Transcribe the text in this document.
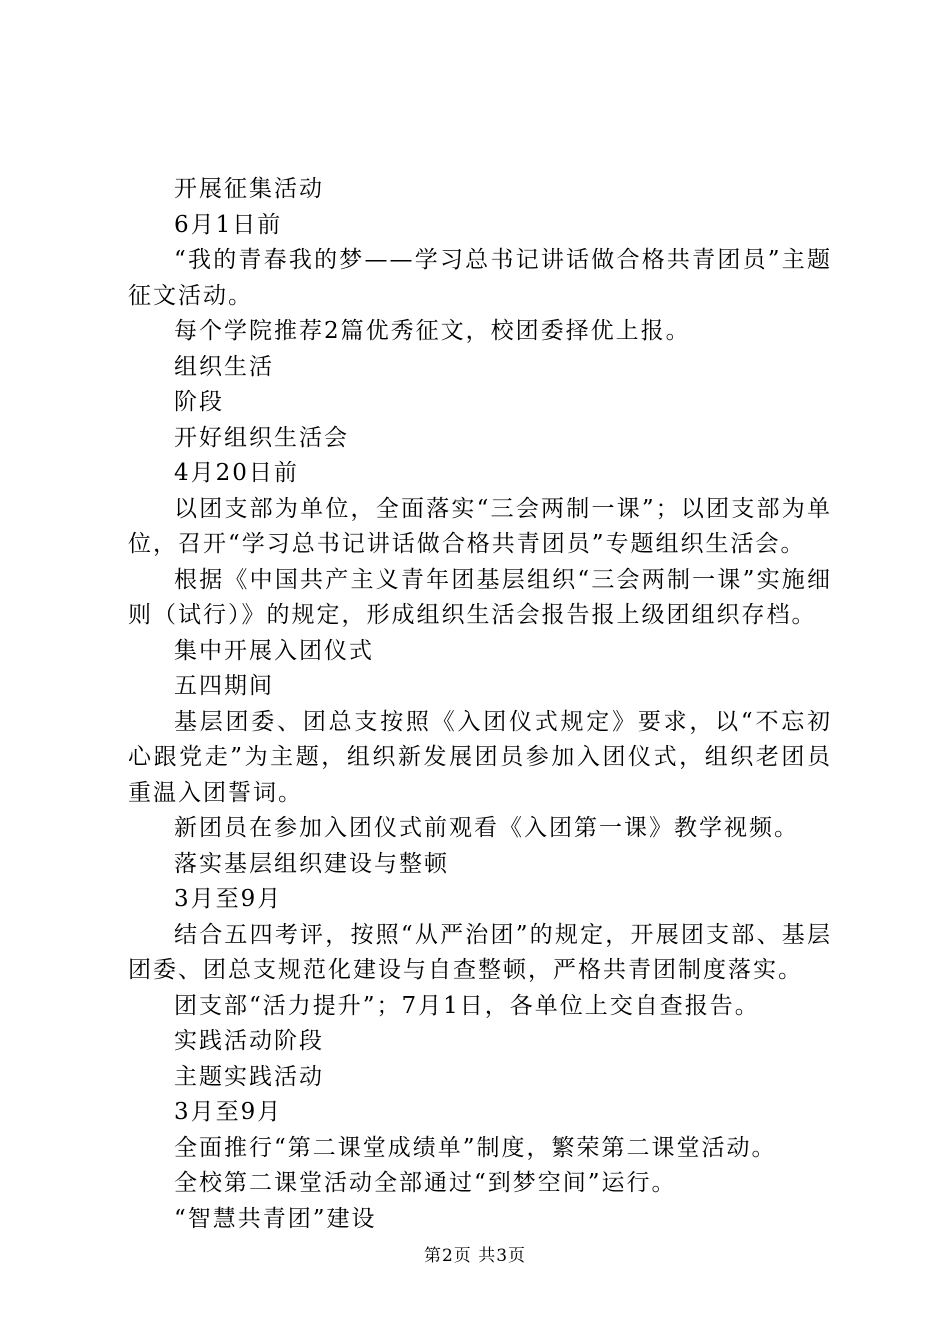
开展征集活动

6月1日前

“我的青春我的梦——学习总书记讲话做合格共青团员”主题征文活动。

每个学院推荐2篇优秀征文，校团委择优上报。

组织生活

阶段

开好组织生活会

4月20日前

以团支部为单位，全面落实“三会两制一课”；以团支部为单位，召开“学习总书记讲话做合格共青团员”专题组织生活会。

根据《中国共产主义青年团基层组织“三会两制一课”实施细则（试行）》的规定，形成组织生活会报告报上级团组织存档。

集中开展入团仪式

五四期间

基层团委、团总支按照《入团仪式规定》要求，以“不忘初心跟党走”为主题，组织新发展团员参加入团仪式，组织老团员重温入团誓词。

新团员在参加入团仪式前观看《入团第一课》教学视频。

落实基层组织建设与整顿

3月至9月

结合五四考评，按照“从严治团”的规定，开展团支部、基层团委、团总支规范化建设与自查整顿，严格共青团制度落实。

团支部“活力提升”；7月1日，各单位上交自查报告。

实践活动阶段

主题实践活动

3月至9月

全面推行“第二课堂成绩单”制度，繁荣第二课堂活动。

全校第二课堂活动全部通过“到梦空间”运行。

“智慧共青团”建设

第2页 共3页
